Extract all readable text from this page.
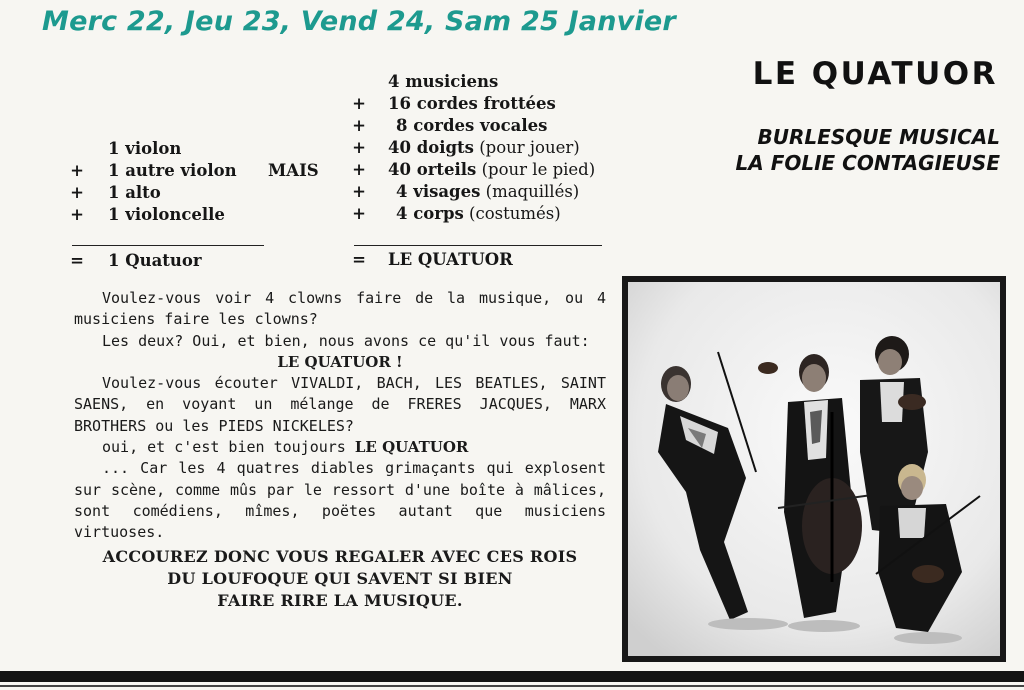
Merc 22, Jeu 23, Vend 24, Sam 25 Janvier
LE QUATUOR
BURLESQUE MUSICAL
LA FOLIE CONTAGIEUSE
1 violon
+ 1 autre violon
+ 1 alto
+ 1 violoncelle
= 1 Quatuor
MAIS
4 musiciens
+ 16 cordes frottées
+ 8 cordes vocales
+ 40 doigts (pour jouer)
+ 40 orteils (pour le pied)
+ 4 visages (maquillés)
+ 4 corps (costumés)
= LE QUATUOR

Voulez-vous voir 4 clowns faire de la musique, ou 4 musiciens faire les clowns?

Les deux? Oui, et bien, nous avons ce qu'il vous faut:

LE QUATUOR !

Voulez-vous écouter VIVALDI, BACH, LES BEATLES, SAINT SAENS, en voyant un mélange de FRERES JACQUES, MARX BROTHERS ou les PIEDS NICKELES?

oui, et c'est bien toujours LE QUATUOR

... Car les 4 quatres diables grimaçants qui explosent sur scène, comme mûs par le ressort d'une boîte à mâlices, sont comédiens, mîmes, poëtes autant que musiciens virtuoses.

ACCOUREZ DONC VOUS REGALER AVEC CES ROIS
DU LOUFOQUE QUI SAVENT SI BIEN
FAIRE RIRE LA MUSIQUE.
